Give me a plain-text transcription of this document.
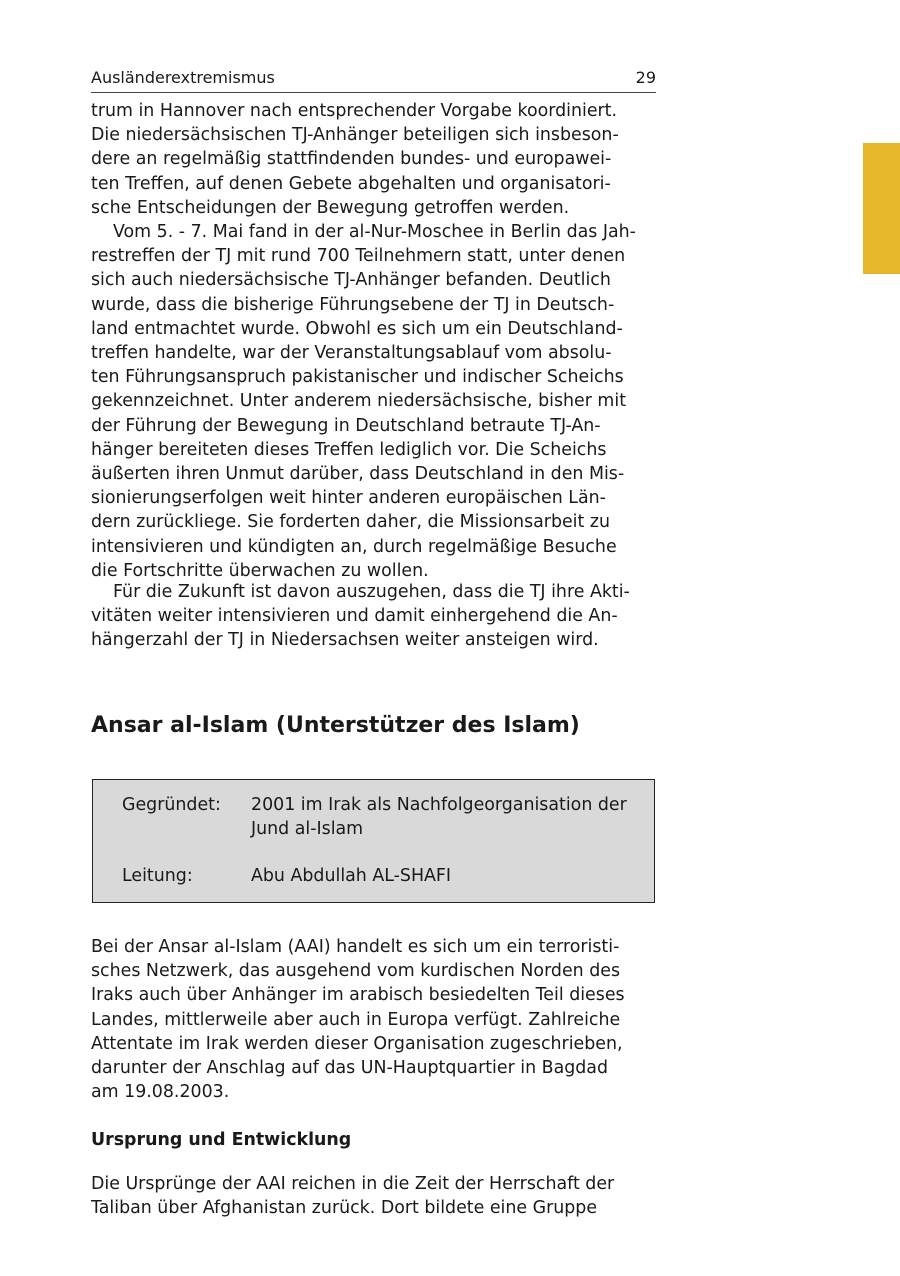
Ausländerextremismus	29

trum in Hannover nach entsprechender Vorgabe koordiniert.
Die niedersächsischen TJ-Anhänger beteiligen sich insbeson-
dere an regelmäßig stattfindenden bundes- und europawei-
ten Treffen, auf denen Gebete abgehalten und organisatori-
sche Entscheidungen der Bewegung getroffen werden.

Vom 5. - 7. Mai fand in der al-Nur-Moschee in Berlin das Jah-
restreffen der TJ mit rund 700 Teilnehmern statt, unter denen
sich auch niedersächsische TJ-Anhänger befanden. Deutlich
wurde, dass die bisherige Führungsebene der TJ in Deutsch-
land entmachtet wurde. Obwohl es sich um ein Deutschland-
treffen handelte, war der Veranstaltungsablauf vom absolu-
ten Führungsanspruch pakistanischer und indischer Scheichs
gekennzeichnet. Unter anderem niedersächsische, bisher mit
der Führung der Bewegung in Deutschland betraute TJ-An-
hänger bereiteten dieses Treffen lediglich vor. Die Scheichs
äußerten ihren Unmut darüber, dass Deutschland in den Mis-
sionierungserfolgen weit hinter anderen europäischen Län-
dern zurückliege. Sie forderten daher, die Missionsarbeit zu
intensivieren und kündigten an, durch regelmäßige Besuche
die Fortschritte überwachen zu wollen.

Für die Zukunft ist davon auszugehen, dass die TJ ihre Akti-
vitäten weiter intensivieren und damit einhergehend die An-
hängerzahl der TJ in Niedersachsen weiter ansteigen wird.

Ansar al-Islam (Unterstützer des Islam)
Gegründet: 2001 im Irak als Nachfolgeorganisation der
Jund al-Islam
Leitung:	Abu Abdullah AL-SHAFI

Bei der Ansar al-Islam (AAI) handelt es sich um ein terroristi-
sches Netzwerk, das ausgehend vom kurdischen Norden des
Iraks auch über Anhänger im arabisch besiedelten Teil dieses
Landes, mittlerweile aber auch in Europa verfügt. Zahlreiche
Attentate im Irak werden dieser Organisation zugeschrieben,
darunter der Anschlag auf das UN-Hauptquartier in Bagdad
am 19.08.2003.

Ursprung und Entwicklung

Die Ursprünge der AAI reichen in die Zeit der Herrschaft der
Taliban über Afghanistan zurück. Dort bildete eine Gruppe
